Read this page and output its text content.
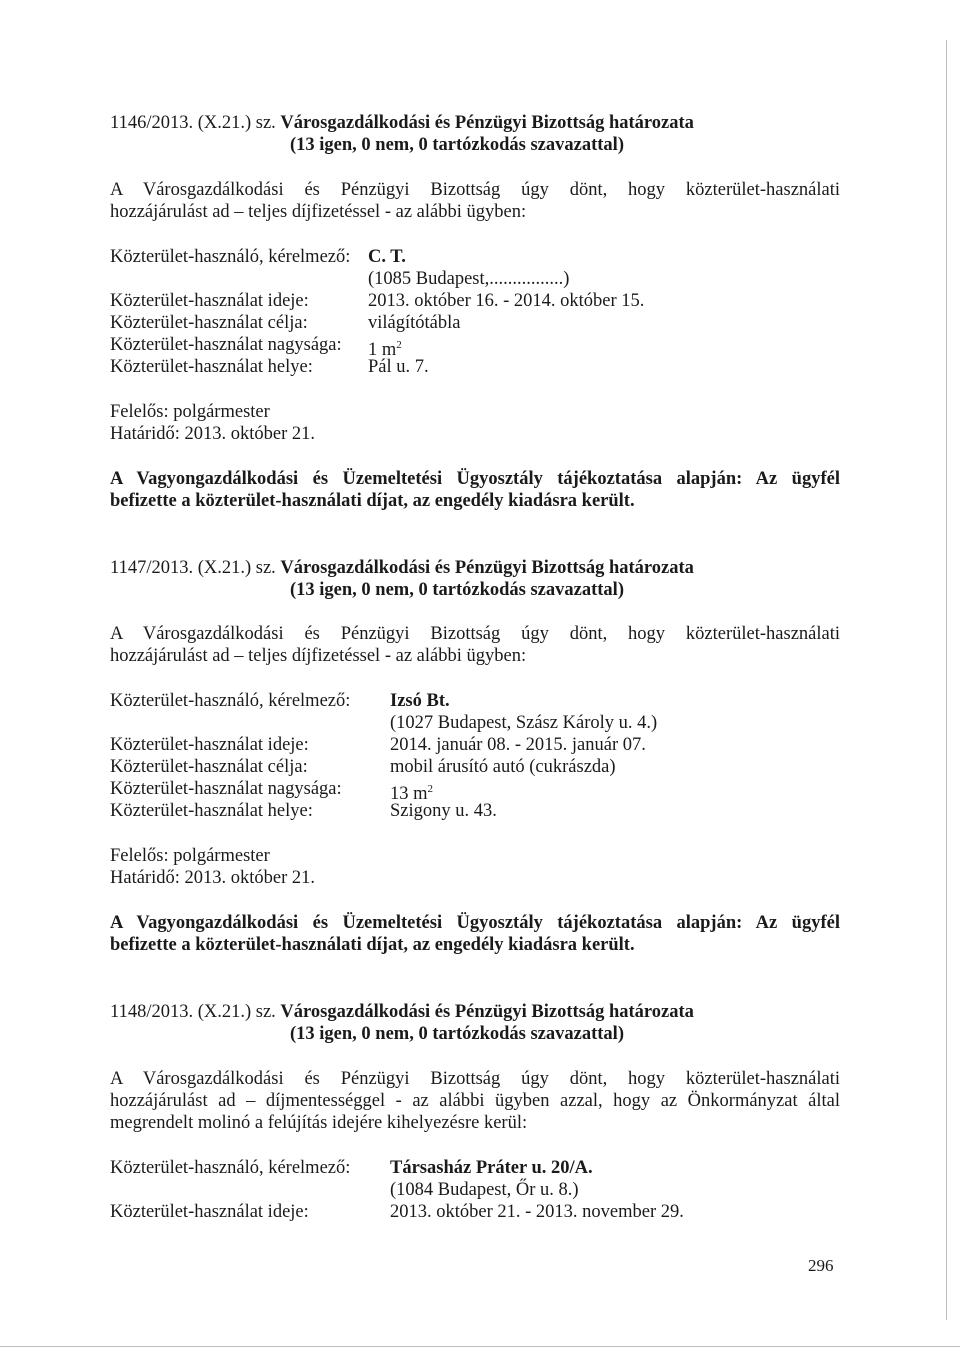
1146/2013. (X.21.) sz. Városgazdálkodási és Pénzügyi Bizottság határozata
(13 igen, 0 nem, 0 tartózkodás szavazattal)
A Városgazdálkodási és Pénzügyi Bizottság úgy dönt, hogy közterület-használati
hozzájárulást ad – teljes díjfizetéssel - az alábbi ügyben:
Közterület-használó, kérelmező: C. T.
(1085 Budapest,................)
Közterület-használat ideje:	2013. október 16. - 2014. október 15.
Közterület-használat célja:	világítótábla
Közterület-használat nagysága: 1 $m^2$
Közterület-használat helye:	Pál u. 7.
Felelős: polgármester
Határidő: 2013. október 21.
A Vagyongazdálkodási és Üzemeltetési Ügyosztály tájékoztatása alapján: Az ügyfél
befizette a közterület-használati díjat, az engedély kiadásra került.
1147/2013. (X.21.) sz. Városgazdálkodási és Pénzügyi Bizottság határozata
(13 igen, 0 nem, 0 tartózkodás szavazattal)
A Városgazdálkodási és Pénzügyi Bizottság úgy dönt, hogy közterület-használati
hozzájárulást ad – teljes díjfizetéssel - az alábbi ügyben:
Közterület-használó, kérelmező: Izsó Bt.
(1027 Budapest, Szász Károly u. 4.)
Közterület-használat ideje:	2014. január 08. - 2015. január 07.
Közterület-használat célja:	mobil árusító autó (cukrászda)
Közterület-használat nagysága:	13 $m^2$
Közterület-használat helye:	Szigony u. 43.
Felelős: polgármester
Határidő: 2013. október 21.
A Vagyongazdálkodási és Üzemeltetési Ügyosztály tájékoztatása alapján: Az ügyfél
befizette a közterület-használati díjat, az engedély kiadásra került.
1148/2013. (X.21.) sz. Városgazdálkodási és Pénzügyi Bizottság határozata
(13 igen, 0 nem, 0 tartózkodás szavazattal)
A Városgazdálkodási és Pénzügyi Bizottság úgy dönt, hogy közterület-használati
hozzájárulást ad – díjmentességgel - az alábbi ügyben azzal, hogy az Önkormányzat által
megrendelt molinó a felújítás idejére kihelyezésre kerül:
Közterület-használó, kérelmező: Társasház Práter u. 20/A.
(1084 Budapest, Őr u. 8.)
Közterület-használat ideje:	2013. október 21. - 2013. november 29.
296
